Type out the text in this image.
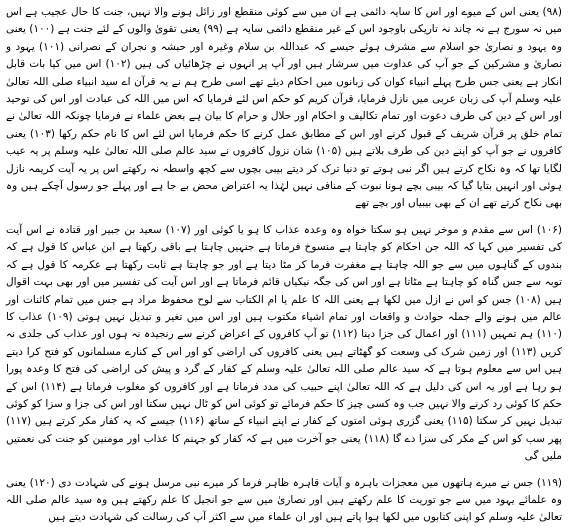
(۹۸) یعنی اس کے میوے اور اس کا سایہ دائمی ہے ان میں سے کوئی منقطع اور زائل ہونے والا نہیں، جنت کا حال عجیب ہے اس میں نہ سورج ہے نہ چاند نہ تاریکی باوجود اس کے غیر منقطع دائمی سایہ ہے (۹۹) یعنی تقویٰ والوں کے لئے جنت ہے (۱۰۰) یعنی وہ یہود و نصاریٰ جو اسلام سے مشرف ہوئے جیسے کہ عبداللہ بن سلام وغیرہ اور حبشہ و نجران کے نصرانی (۱۰۱) یہود و نصاریٰ و مشرکین کے جو آپ کی عداوت میں سرشار ہیں اور آپ پر انہوں نے چڑھائیاں کی ہیں (۱۰۲) اس میں کیا بات قابل انکار ہے یعنی جس طرح پہلے انبیاء کوان کی زبانوں میں احکام دیئے تھے اسی طرح ہم نے یہ قرآن اے سید انبیاء صلی اللہ تعالیٰ علیہ وسلم آپ کی زبان عربی میں نازل فرمایا، قرآن کریم کو حکم اس لئے فرمایا کہ اس میں اللہ کی عبادت اور اس کی توحید اور اس کے دین کی طرف دعوت اور تمام تکالیف و احکام اور حلال و حرام کا بیان ہے بعض علماء نے فرمایا چونکہ اللہ تعالیٰ نے تمام خلق پر قرآن شریف کے قبول کرنے اور اس کے مطابق عمل کرنے کا حکم فرمایا اس لئے اس کا نام حکم رکھا (۱۰۳) یعنی کافروں نے جو آپ کو اپنے دین کی طرف بلاتے ہیں (۱۰۵) شان نزول کافروں نے سید عالم صلی اللہ تعالیٰ علیہ وسلم پر یہ عیب لگایا تھا کہ وہ نکاح کرتے ہیں اگر نبی ہوتے تو دنیا ترک کر دیتے بیبی بچوں سے کچھ واسطہ نہ رکھتے اس پر یہ آیت کریمہ نازل ہوئی اور انہیں بتایا گیا کہ بیبی بچے ہونا نبوت کے منافی نہیں لہٰذا یہ اعتراض محض بے جا ہے اور پہلے جو رسول آچکے ہیں وہ بھی نکاح کرتے تھے ان کے بھی بیبیاں اور بچے تھے

(۱۰۶) اس سے مقدم و موخر نہیں ہو سکتا خواہ وہ وعدہ عذاب کا ہو یا کوئی اور (۱۰۷) سعید بن جبیر اور قتادہ نے اس آیت کی تفسیر میں کہا کہ اللہ جن احکام کو چاہتا ہے منسوخ فرماتا ہے جنہیں چاہتا ہے باقی رکھتا ہے ابن عباس کا قول ہے کہ بندوں کے گناہوں میں سے جو اللہ چاہتا ہے مغفرت فرما کر مٹا دیتا ہے اور جو چاہتا ہے ثابت رکھتا ہے عکرمہ کا قول ہے کہ توبہ سے جس گناہ کو چاہتا ہے مٹاتا ہے اور اس کی جگہ نیکیاں قائم فرماتا ہے اور اس آیت کی تفسیر میں اور بھی بہت اقوال ہیں (۱۰۸) جس کو اس نے ازل میں لکھا ہے یعنی اللہ کا علم یا ام الکتاب سے لوح محفوظ مراد ہے جس میں تمام کائنات اور عالم میں ہونے والے جملہ حوادث و واقعات اور تمام اشیاء مکتوب ہیں اور اس میں تغیر و تبدیل نہیں ہوتی (۱۰۹) عذاب کا (۱۱۰) ہم تمہیں (۱۱۱) اور اعمال کی جزا دینا (۱۱۲) تو آپ کافروں کے اعراض کرنے سے رنجیدہ نہ ہوں اور عذاب کی جلدی نہ کریں (۱۱۳) اور زمین شرک کی وسعت کو گھٹاتے ہیں یعنی کافروں کی اراضی کو اور اس کے کنارے مسلمانوں کو فتح کرا دیتے ہیں اس سے معلوم ہوتا ہے کہ سید عالم صلی اللہ تعالیٰ علیہ وسلم کے کفار کے گرد و پیش کی اراضی کی فتح کا وعدہ پورا ہو رہا ہے اور یہ اس کی دلیل ہے کہ اللہ تعالیٰ اپنے حبیب کی مدد فرماتا ہے اور کافروں کو مغلوب فرماتا ہے (۱۱۴) اس کے حکم کا کوئی رد کرنے والا نہیں جب وہ کسی چیز کا حکم فرمائے تو کوئی اس کو ٹال نہیں سکتا اور اس کی جزا و سزا کو کوئی تبدیل نہیں کر سکتا (۱۱۵) یعنی گزری ہوئی امتوں کے کفار نے اپنے انبیاء کے ساتھ (۱۱۶) جیسے کہ یہ کفار مکر کرتے ہیں (۱۱۷) پھر سب کو اس کے مکر کی سزا دے گا (۱۱۸) یعنی جو آخرت میں ہے کہ کفار کو جہنم کا عذاب اور مومنین کو جنت کی نعمتیں ملیں گی

(۱۱۹) جس نے میرے ہاتھوں میں معجزات باہرہ و آیات قاہرہ ظاہر فرما کر میرے نبی مرسل ہونے کی شہادت دی (۱۲۰) یعنی وہ علمائے یہود میں سے جو توریت کا علم رکھتے ہیں اور نصاریٰ میں سے جو انجیل کا علم رکھتے ہیں وہ سید عالم صلی اللہ تعالیٰ علیہ وسلم کو اپنی کتابوں میں لکھا ہوا پاتے ہیں اور ان علماء میں سے اکثر آپ کی رسالت کی شہادت دیتے ہیں
